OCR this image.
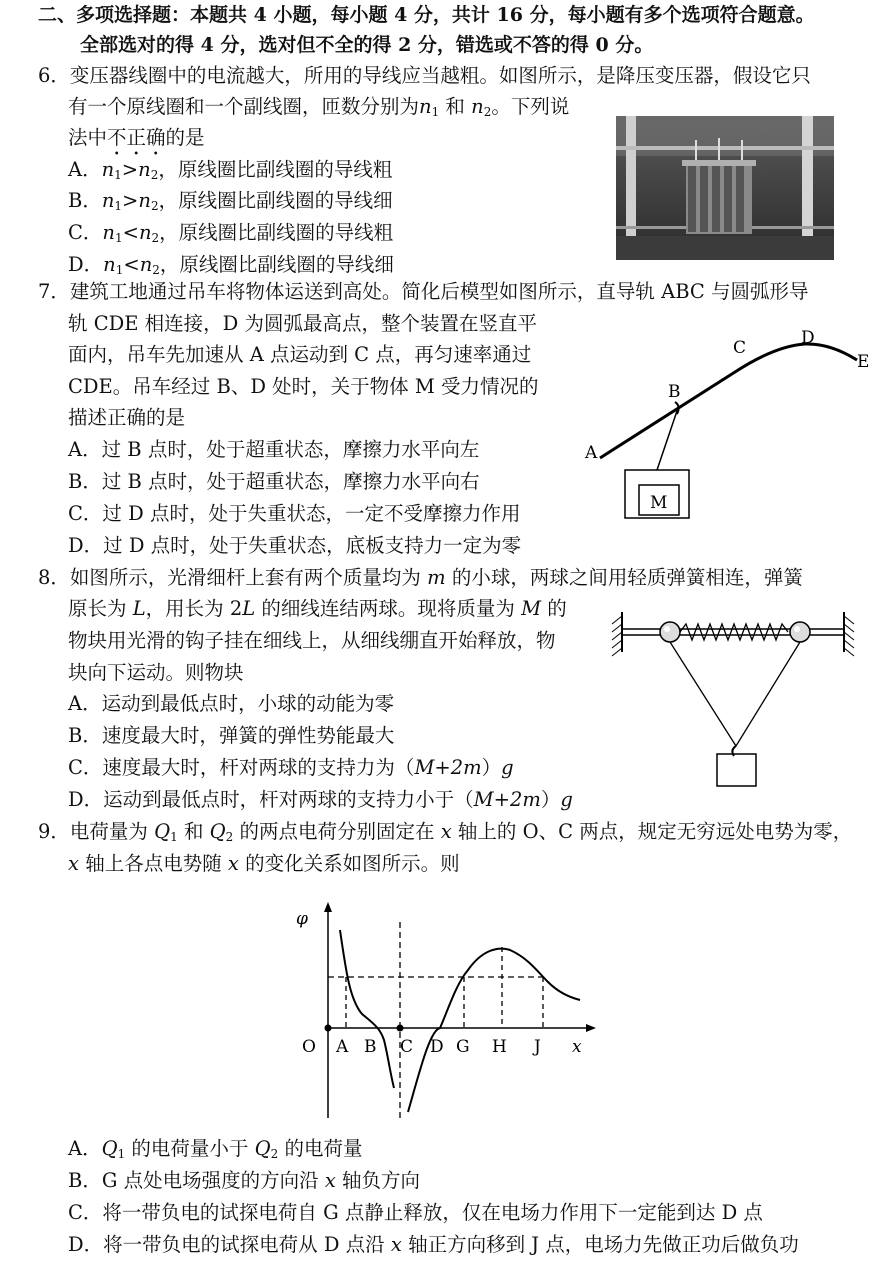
二、多项选择题：本题共 4 小题，每小题 4 分，共计 16 分，每小题有多个选项符合题意。
全部选对的得 4 分，选对但不全的得 2 分，错选或不答的得 0 分。
6．变压器线圈中的电流越大，所用的导线应当越粗。如图所示，是降压变压器，假设它只
有一个原线圈和一个副线圈，匝数分别为$n_1$ 和 $n_2$。下列说
法中不正确的是
A．$n_1>n_2$，原线圈比副线圈的导线粗
B．$n_1>n_2$，原线圈比副线圈的导线细
C．$n_1<n_2$，原线圈比副线圈的导线粗
D．$n_1<n_2$，原线圈比副线圈的导线细
7．建筑工地通过吊车将物体运送到高处。简化后模型如图所示，直导轨 ABC 与圆弧形导
轨 CDE 相连接，D 为圆弧最高点，整个装置在竖直平
面内，吊车先加速从 A 点运动到 C 点，再匀速率通过
CDE。吊车经过 B、D 处时，关于物体 M 受力情况的
描述正确的是
A．过 B 点时，处于超重状态，摩擦力水平向左
B．过 B 点时，处于超重状态，摩擦力水平向右
C．过 D 点时，处于失重状态，一定不受摩擦力作用
D．过 D 点时，处于失重状态，底板支持力一定为零
M
A
B
C	D
E
8．如图所示，光滑细杆上套有两个质量均为 m 的小球，两球之间用轻质弹簧相连，弹簧
原长为 L，用长为 2L 的细线连结两球。现将质量为 M 的
物块用光滑的钩子挂在细线上，从细线绷直开始释放，物
块向下运动。则物块
A．运动到最低点时，小球的动能为零
B．速度最大时，弹簧的弹性势能最大
C．速度最大时，杆对两球的支持力为（M+2m）g
D．运动到最低点时，杆对两球的支持力小于（M+2m）g
9．电荷量为 $Q_1$ 和 $Q_2$ 的两点电荷分别固定在 x 轴上的 O、C 两点，规定无穷远处电势为零，
x 轴上各点电势随 x 的变化关系如图所示。则
φ
O A B C D G H J x
A．$Q_1$ 的电荷量小于 $Q_2$ 的电荷量
B．G 点处电场强度的方向沿 x 轴负方向
C．将一带负电的试探电荷自 G 点静止释放，仅在电场力作用下一定能到达 D 点
D．将一带负电的试探电荷从 D 点沿 x 轴正方向移到 J 点，电场力先做正功后做负功
